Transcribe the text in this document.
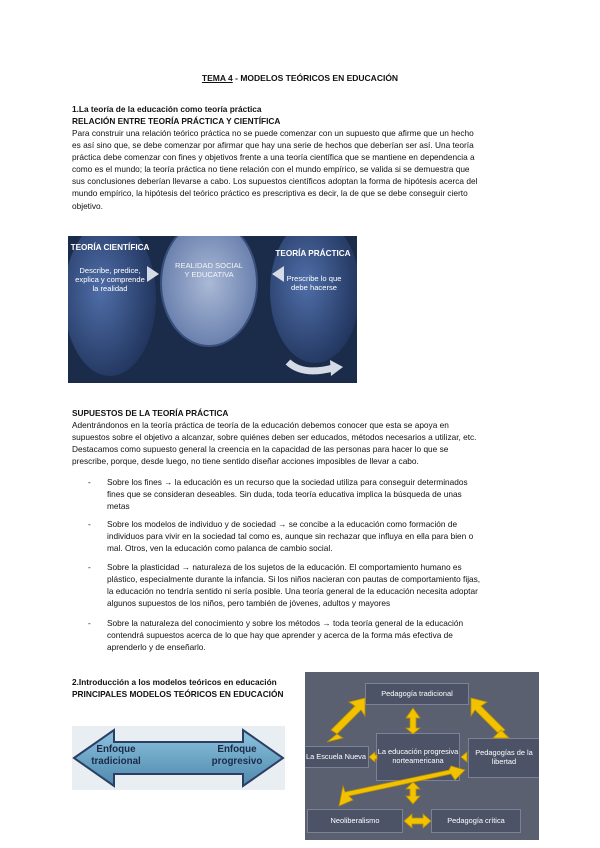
TEMA 4 - MODELOS TEÓRICOS EN EDUCACIÓN
1.La teoría de la educación como teoría práctica
RELACIÓN ENTRE TEORÍA PRÁCTICA Y CIENTÍFICA
Para construir una relación teórico práctica no se puede comenzar con un supuesto que afirme que un hecho
es así sino que, se debe comenzar por afirmar que hay una serie de hechos que deberían ser así. Una teoría
práctica debe comenzar con fines y objetivos frente a una teoría científica que se mantiene en dependencia a
como es el mundo; la teoría práctica no tiene relación con el mundo empírico, se valida si se demuestra que
sus conclusiones deberían llevarse a cabo. Los supuestos científicos adoptan la forma de hipótesis acerca del
mundo empírico, la hipótesis del teórico práctico es prescriptiva es decir, la de que se debe conseguir cierto
objetivo.
TEORÍA CIENTÍFICA
Describe, predice, explica y comprende la realidad
REALIDAD SOCIAL Y EDUCATIVA
TEORÍA PRÁCTICA
Prescribe lo que debe hacerse
SUPUESTOS DE LA TEORÍA PRÁCTICA
Adentrándonos en la teoría práctica de teoría de la educación debemos conocer que esta se apoya en
supuestos sobre el objetivo a alcanzar, sobre quiénes deben ser educados, métodos necesarios a utilizar, etc.
Destacamos como supuesto general la creencia en la capacidad de las personas para hacer lo que se
prescribe, porque, desde luego, no tiene sentido diseñar acciones imposibles de llevar a cabo.
- Sobre los fines → la educación es un recurso que la sociedad utiliza para conseguir determinados
fines que se consideran deseables. Sin duda, toda teoría educativa implica la búsqueda de unas
metas
- Sobre los modelos de individuo y de sociedad → se concibe a la educación como formación de
individuos para vivir en la sociedad tal como es, aunque sin rechazar que influya en ella para bien o
mal. Otros, ven la educación como palanca de cambio social.
- Sobre la plasticidad → naturaleza de los sujetos de la educación. El comportamiento humano es
plástico, especialmente durante la infancia. Si los niños nacieran con pautas de comportamiento fijas,
la educación no tendría sentido ni sería posible. Una teoría general de la educación necesita adoptar
algunos supuestos de los niños, pero también de jóvenes, adultos y mayores
- Sobre la naturaleza del conocimiento y sobre los métodos → toda teoría general de la educación
contendrá supuestos acerca de lo que hay que aprender y acerca de la forma más efectiva de
aprenderlo y de enseñarlo.
2.Introducción a los modelos teóricos en educación
PRINCIPALES MODELOS TEÓRICOS EN EDUCACIÓN
Enfoque tradicional
Enfoque progresivo
Pedagogía tradicional
La Escuela Nueva	La educación progresiva norteamericana
Pedagogías de la libertad
Neoliberalismo	Pedagogía crítica
